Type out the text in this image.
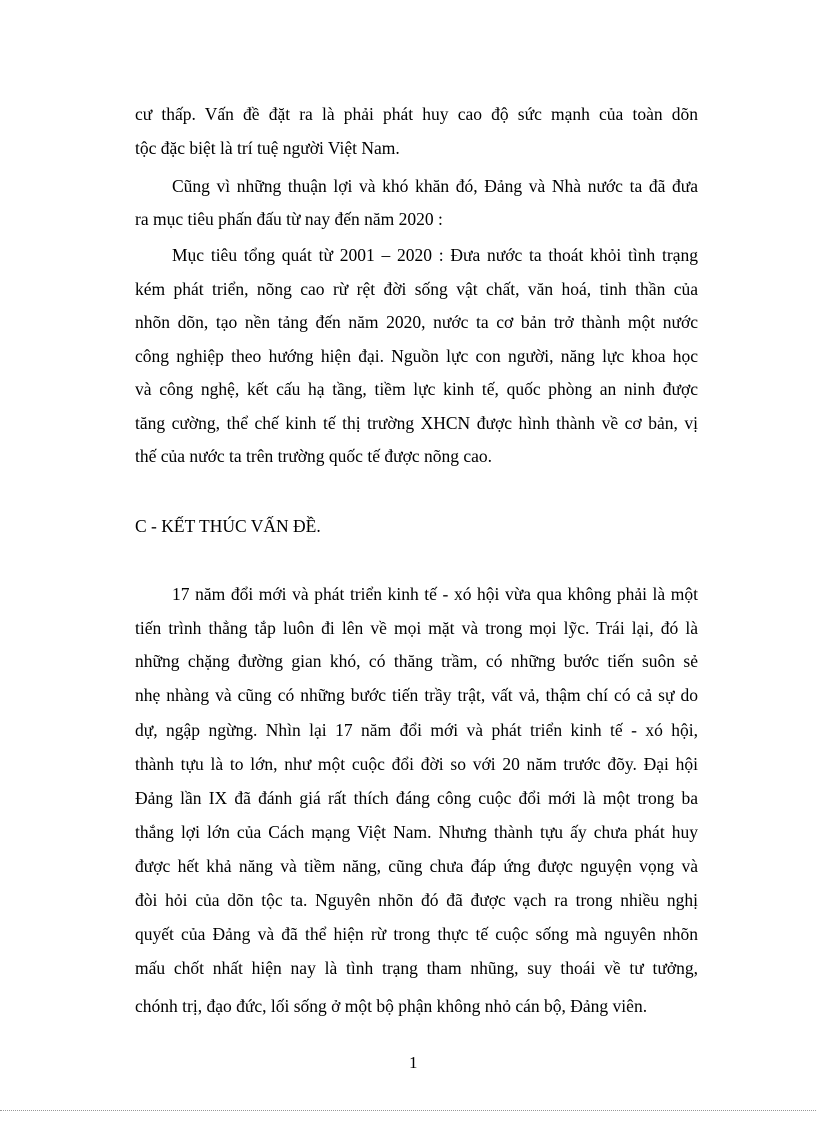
cư thấp. Vấn đề đặt ra là phải phát huy cao độ sức mạnh của toàn dõn
tộc đặc biệt là trí tuệ người Việt Nam.
Cũng vì những thuận lợi và khó khăn đó, Đảng và Nhà nước ta đã đưa
ra mục tiêu phấn đấu từ nay đến năm 2020 :
Mục tiêu tổng quát từ 2001 – 2020 : Đưa nước ta thoát khỏi tình trạng
kém phát triển, nõng cao rừ rệt đời sống vật chất, văn hoá, tinh thần của
nhõn dõn, tạo nền tảng đến năm 2020, nước ta cơ bản trở thành một nước
công nghiệp theo hướng hiện đại. Nguồn lực con người, năng lực khoa học
và công nghệ, kết cấu hạ tầng, tiềm lực kinh tế, quốc phòng an ninh được
tăng cường, thể chế kinh tế thị trường XHCN được hình thành về cơ bản, vị
thế của nước ta trên trường quốc tế được nõng cao.
17 năm đổi mới và phát triển kinh tế - xó hội vừa qua không phải là một
tiến trình thẳng tắp luôn đi lên về mọi mặt và trong mọi lỹc. Trái lại, đó là
những chặng đường gian khó, có thăng trầm, có những bước tiến suôn sẻ
nhẹ nhàng và cũng có những bước tiến trầy trật, vất vả, thậm chí có cả sự do
dự, ngập ngừng. Nhìn lại 17 năm đổi mới và phát triển kinh tế - xó hội,
thành tựu là to lớn, như một cuộc đổi đời so với 20 năm trước đõy. Đại hội
Đảng lần IX đã đánh giá rất thích đáng công cuộc đổi mới là một trong ba
thắng lợi lớn của Cách mạng Việt Nam. Nhưng thành tựu ấy chưa phát huy
được hết khả năng và tiềm năng, cũng chưa đáp ứng được nguyện vọng và
đòi hỏi của dõn tộc ta. Nguyên nhõn đó đã được vạch ra trong nhiều nghị
quyết của Đảng và đã thể hiện rừ trong thực tế cuộc sống mà nguyên nhõn
mấu chốt nhất hiện nay là tình trạng tham nhũng, suy thoái về tư tưởng,
chónh trị, đạo đức, lối sống ở một bộ phận không nhỏ cán bộ, Đảng viên.
C - KẾT THÚC VẤN ĐỀ.
1
